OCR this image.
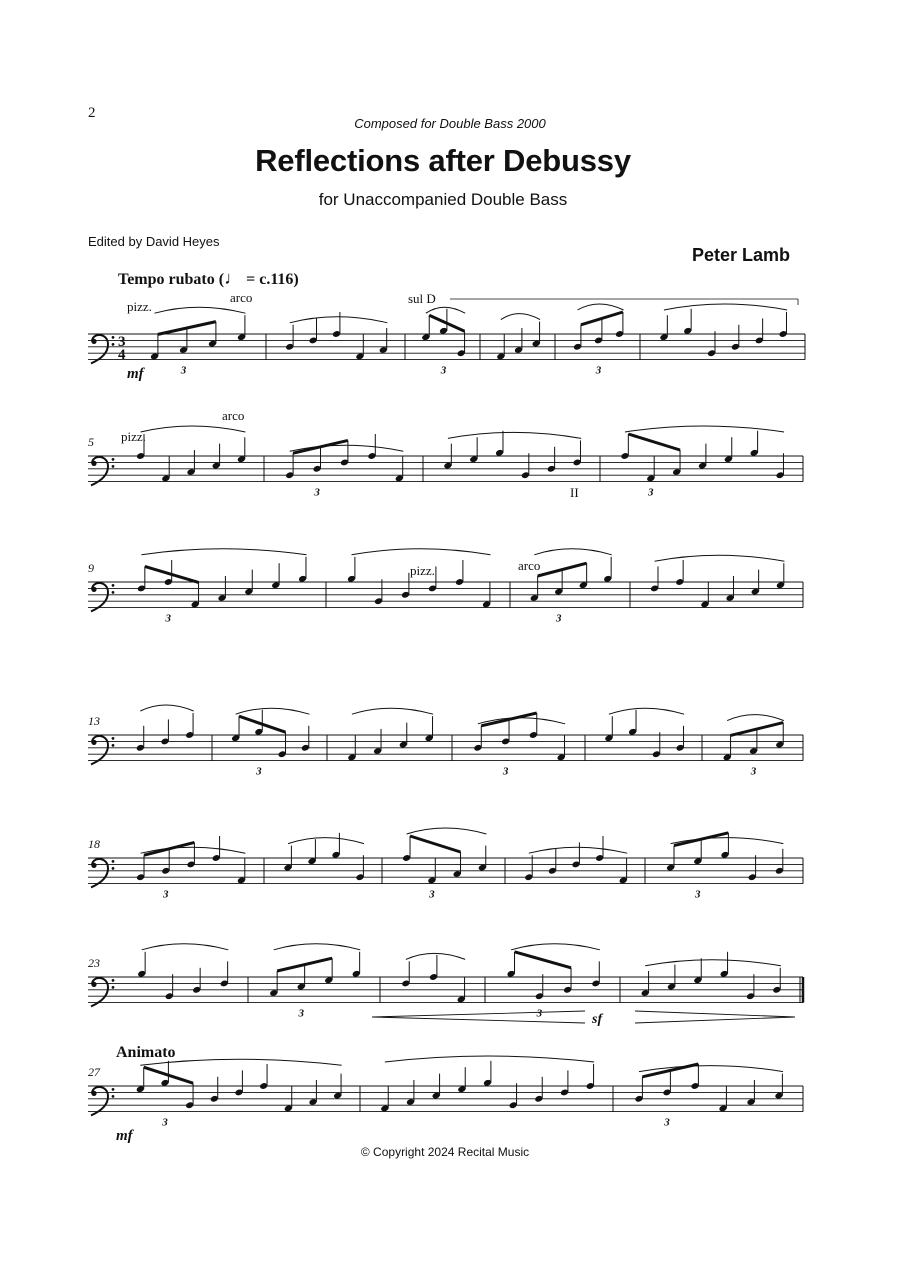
2
Composed for Double Bass 2000
Reflections after Debussy
for Unaccompanied Double Bass
Edited by David Heyes
Peter Lamb
Tempo rubato (♩ = c.116)
Animato
© Copyright 2024 Recital Music
3
4
3	3	3
5
3	3
9
3	3
13
3	3	3
18
3	3	3
23
3	3
27
3	3
pizz.
arco	sul D
pizz.
arco
II
pizz.	arco
mf
sf
mf
